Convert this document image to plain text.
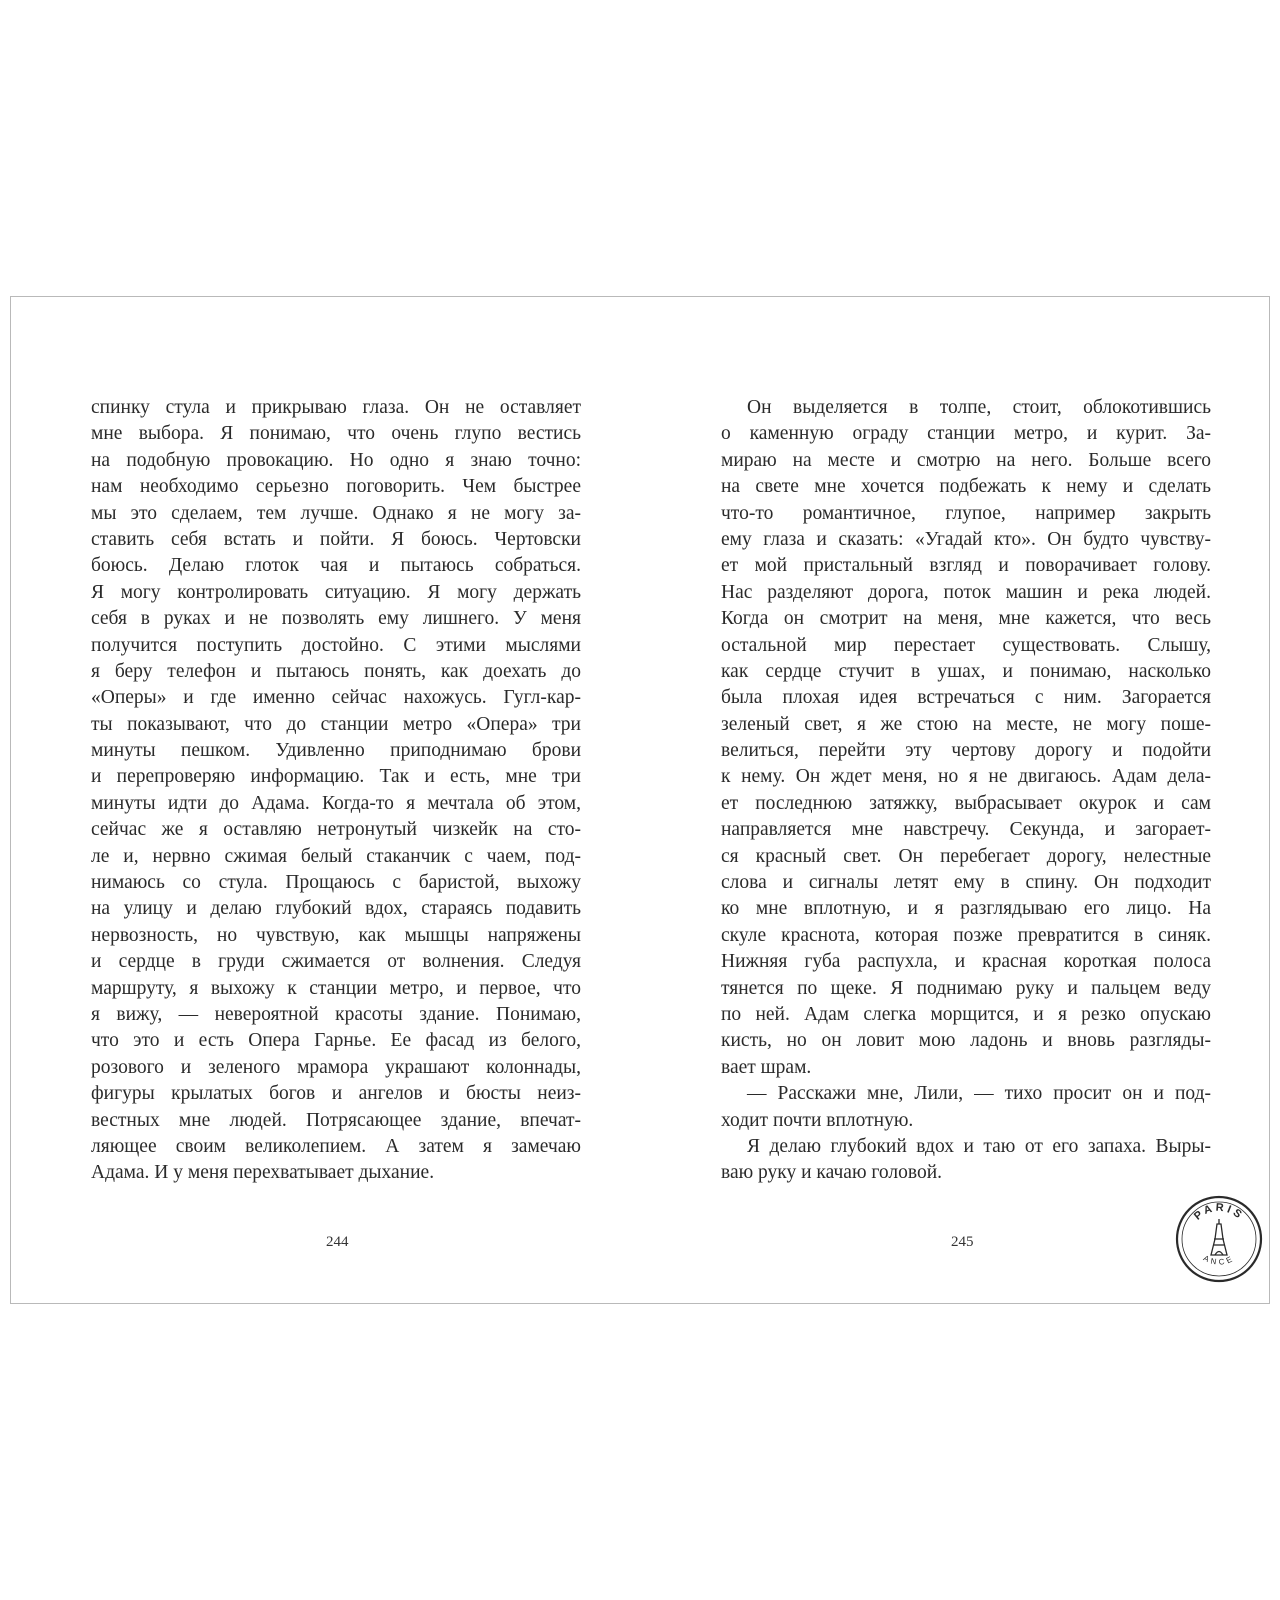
спинку стула и прикрываю глаза. Он не оставляет
мне выбора. Я понимаю, что очень глупо вестись
на подобную провокацию. Но одно я знаю точно:
нам необходимо серьезно поговорить. Чем быстрее
мы это сделаем, тем лучше. Однако я не могу за-
ставить себя встать и пойти. Я боюсь. Чертовски
боюсь. Делаю глоток чая и пытаюсь собраться.
Я могу контролировать ситуацию. Я могу держать
себя в руках и не позволять ему лишнего. У меня
получится поступить достойно. С этими мыслями
я беру телефон и пытаюсь понять, как доехать до
«Оперы» и где именно сейчас нахожусь. Гугл-кар-
ты показывают, что до станции метро «Опера» три
минуты пешком. Удивленно приподнимаю брови
и перепроверяю информацию. Так и есть, мне три
минуты идти до Адама. Когда-то я мечтала об этом,
сейчас же я оставляю нетронутый чизкейк на сто-
ле и, нервно сжимая белый стаканчик с чаем, под-
нимаюсь со стула. Прощаюсь с баристой, выхожу
на улицу и делаю глубокий вдох, стараясь подавить
нервозность, но чувствую, как мышцы напряжены
и сердце в груди сжимается от волнения. Следуя
маршруту, я выхожу к станции метро, и первое, что
я вижу, — невероятной красоты здание. Понимаю,
что это и есть Опера Гарнье. Ее фасад из белого,
розового и зеленого мрамора украшают колоннады,
фигуры крылатых богов и ангелов и бюсты неиз-
вестных мне людей. Потрясающее здание, впечат-
ляющее своим великолепием. А затем я замечаю
Адама. И у меня перехватывает дыхание.
Он выделяется в толпе, стоит, облокотившись
о каменную ограду станции метро, и курит. За-
мираю на месте и смотрю на него. Больше всего
на свете мне хочется подбежать к нему и сделать
что-то романтичное, глупое, например закрыть
ему глаза и сказать: «Угадай кто». Он будто чувству-
ет мой пристальный взгляд и поворачивает голову.
Нас разделяют дорога, поток машин и река людей.
Когда он смотрит на меня, мне кажется, что весь
остальной мир перестает существовать. Слышу,
как сердце стучит в ушах, и понимаю, насколько
была плохая идея встречаться с ним. Загорается
зеленый свет, я же стою на месте, не могу поше-
велиться, перейти эту чертову дорогу и подойти
к нему. Он ждет меня, но я не двигаюсь. Адам дела-
ет последнюю затяжку, выбрасывает окурок и сам
направляется мне навстречу. Секунда, и загорает-
ся красный свет. Он перебегает дорогу, нелестные
слова и сигналы летят ему в спину. Он подходит
ко мне вплотную, и я разглядываю его лицо. На
скуле краснота, которая позже превратится в синяк.
Нижняя губа распухла, и красная короткая полоса
тянется по щеке. Я поднимаю руку и пальцем веду
по ней. Адам слегка морщится, и я резко опускаю
кисть, но он ловит мою ладонь и вновь разгляды-
вает шрам.
— Расскажи мне, Лили, — тихо просит он и под-
ходит почти вплотную.
Я делаю глубокий вдох и таю от его запаха. Выры-
ваю руку и качаю головой.
244	245
PARIS
ANCE
